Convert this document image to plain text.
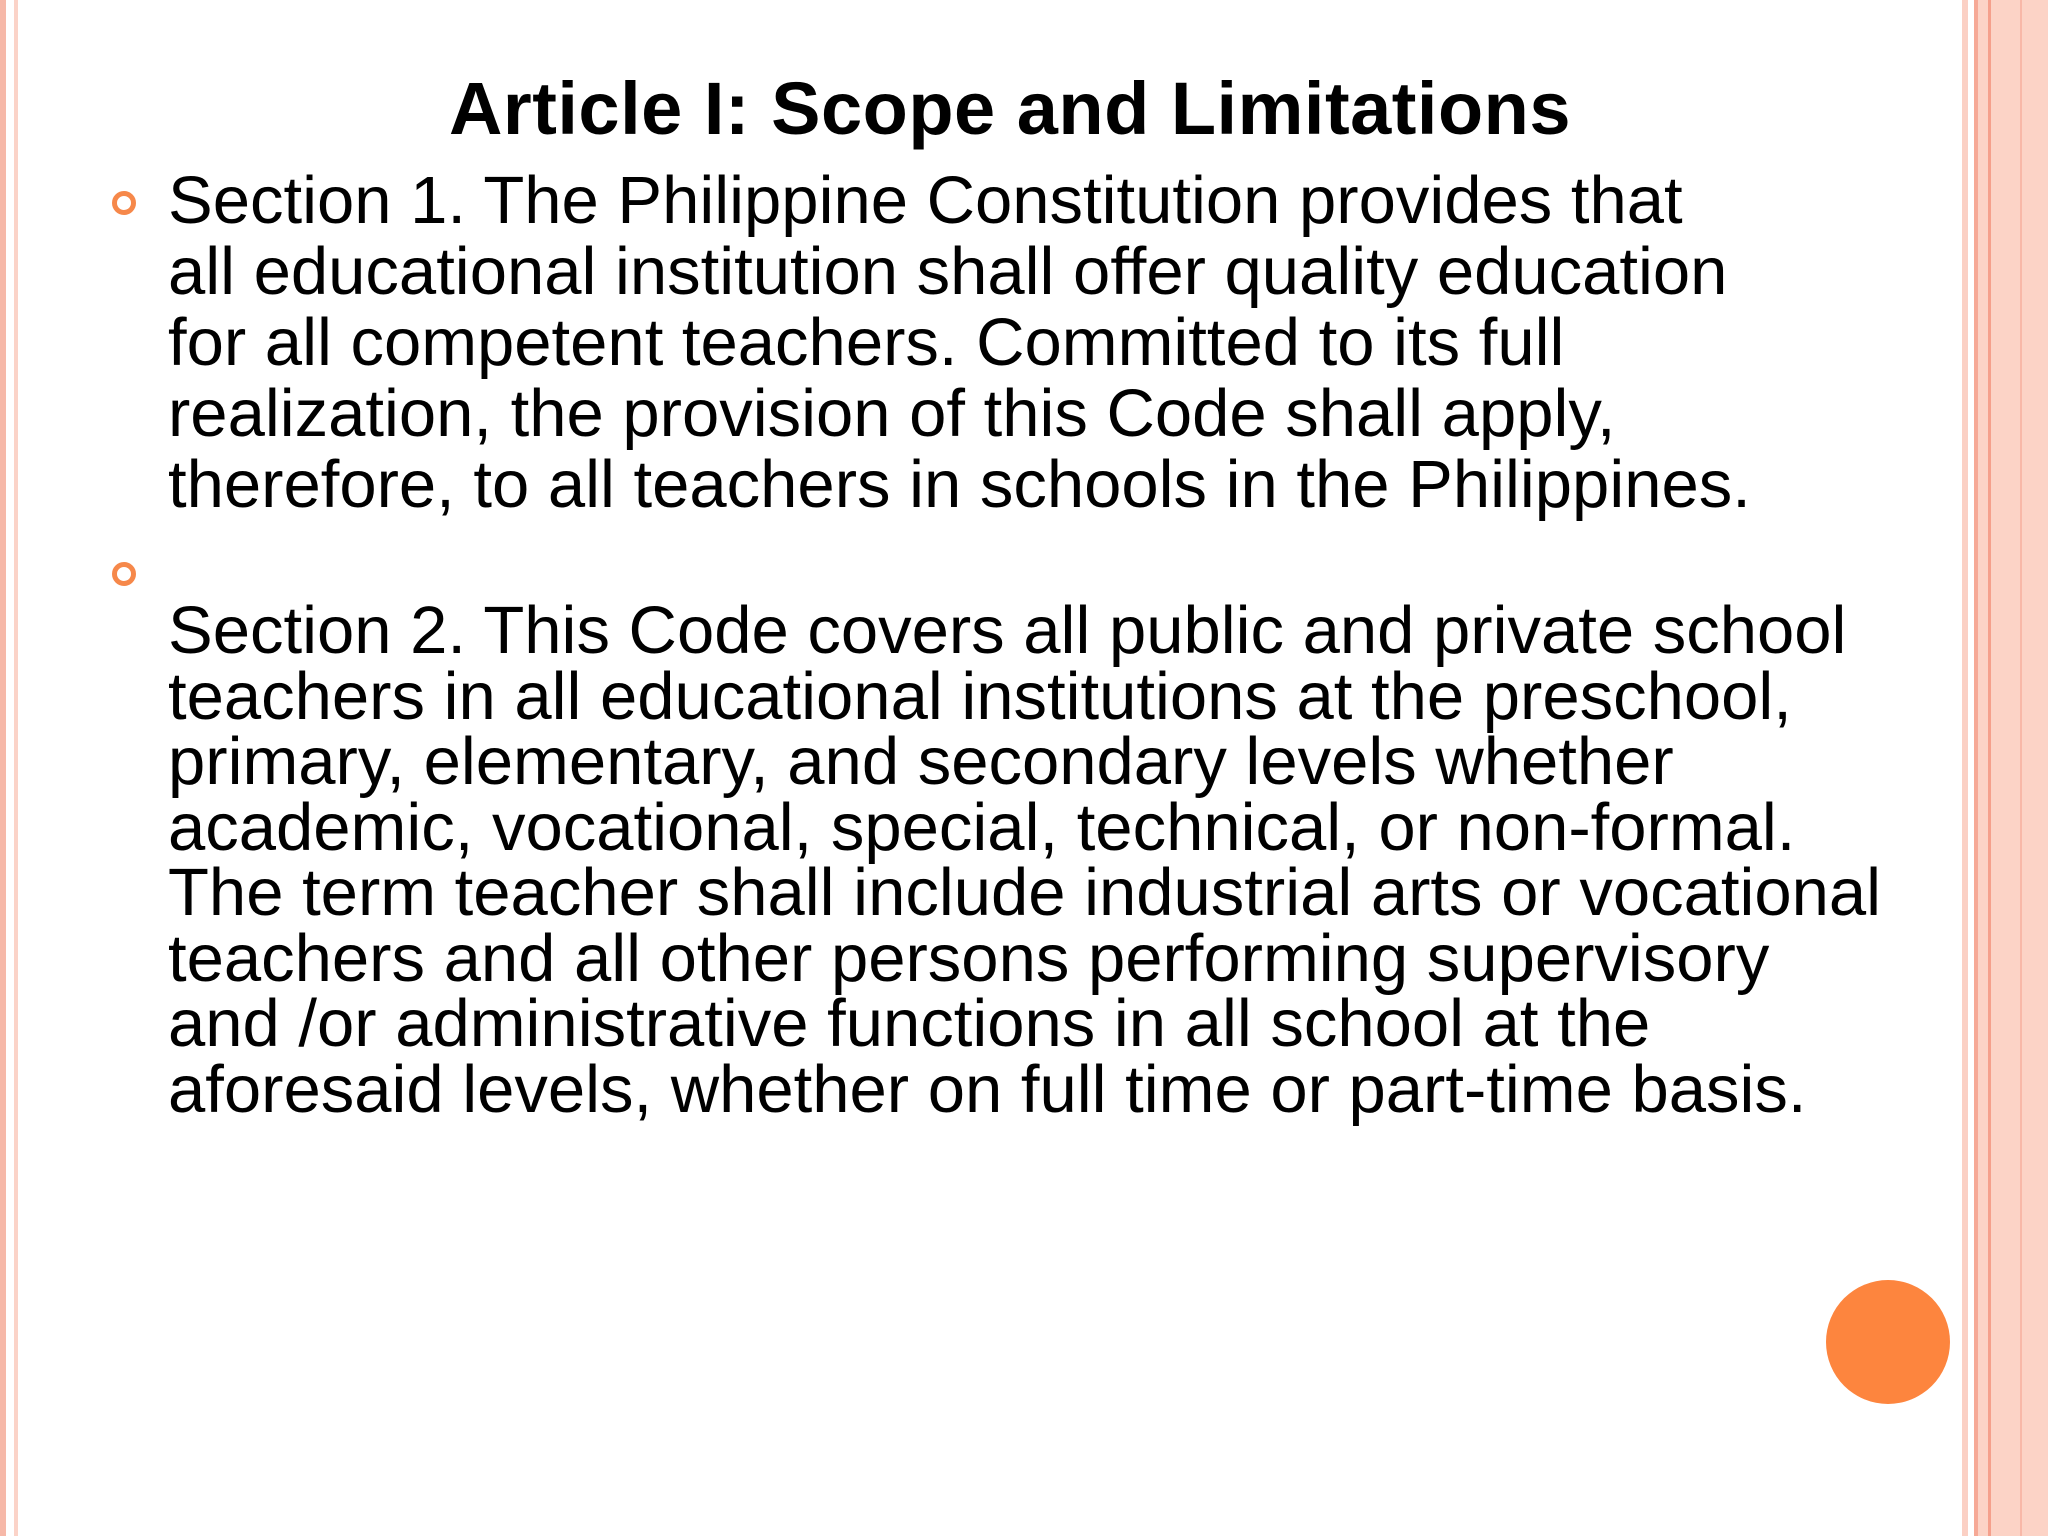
Article I: Scope and Limitations
Section 1. The Philippine Constitution provides that
all educational institution shall offer quality education
for all competent teachers. Committed to its full
realization, the provision of this Code shall apply,
therefore, to all teachers in schools in the Philippines.
Section 2. This Code covers all public and private school
teachers in all educational institutions at the preschool,
primary, elementary, and secondary levels whether
academic, vocational, special, technical, or non-formal.
The term teacher shall include industrial arts or vocational
teachers and all other persons performing supervisory
and /or administrative functions in all school at the
aforesaid levels, whether on full time or part-time basis.
